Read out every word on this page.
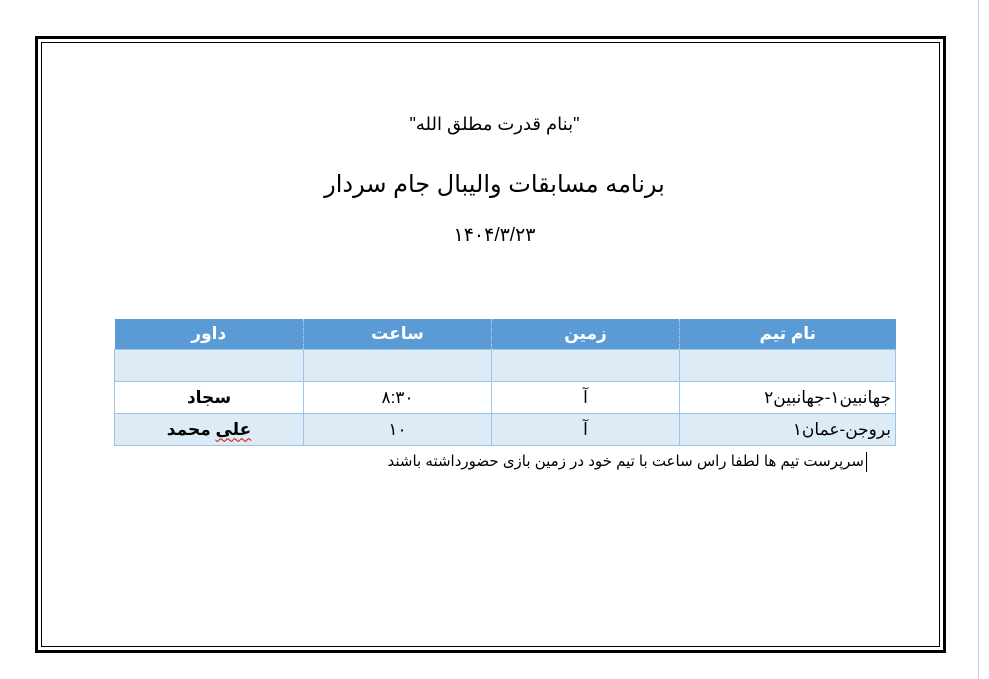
"بنام قدرت مطلق الله"
برنامه مسابقات والیبال جام سردار
۱۴۰۴/۳/۲۳
نام تیم	زمین	ساعت	داور

جهانبین۱-جهانبین۲	آ	۸:۳۰	سجاد
بروجن-عمان۱	آ	۱۰	علی محمد
سرپرست تیم ها لطفا راس ساعت با تیم خود در زمین بازی حضورداشته باشند
